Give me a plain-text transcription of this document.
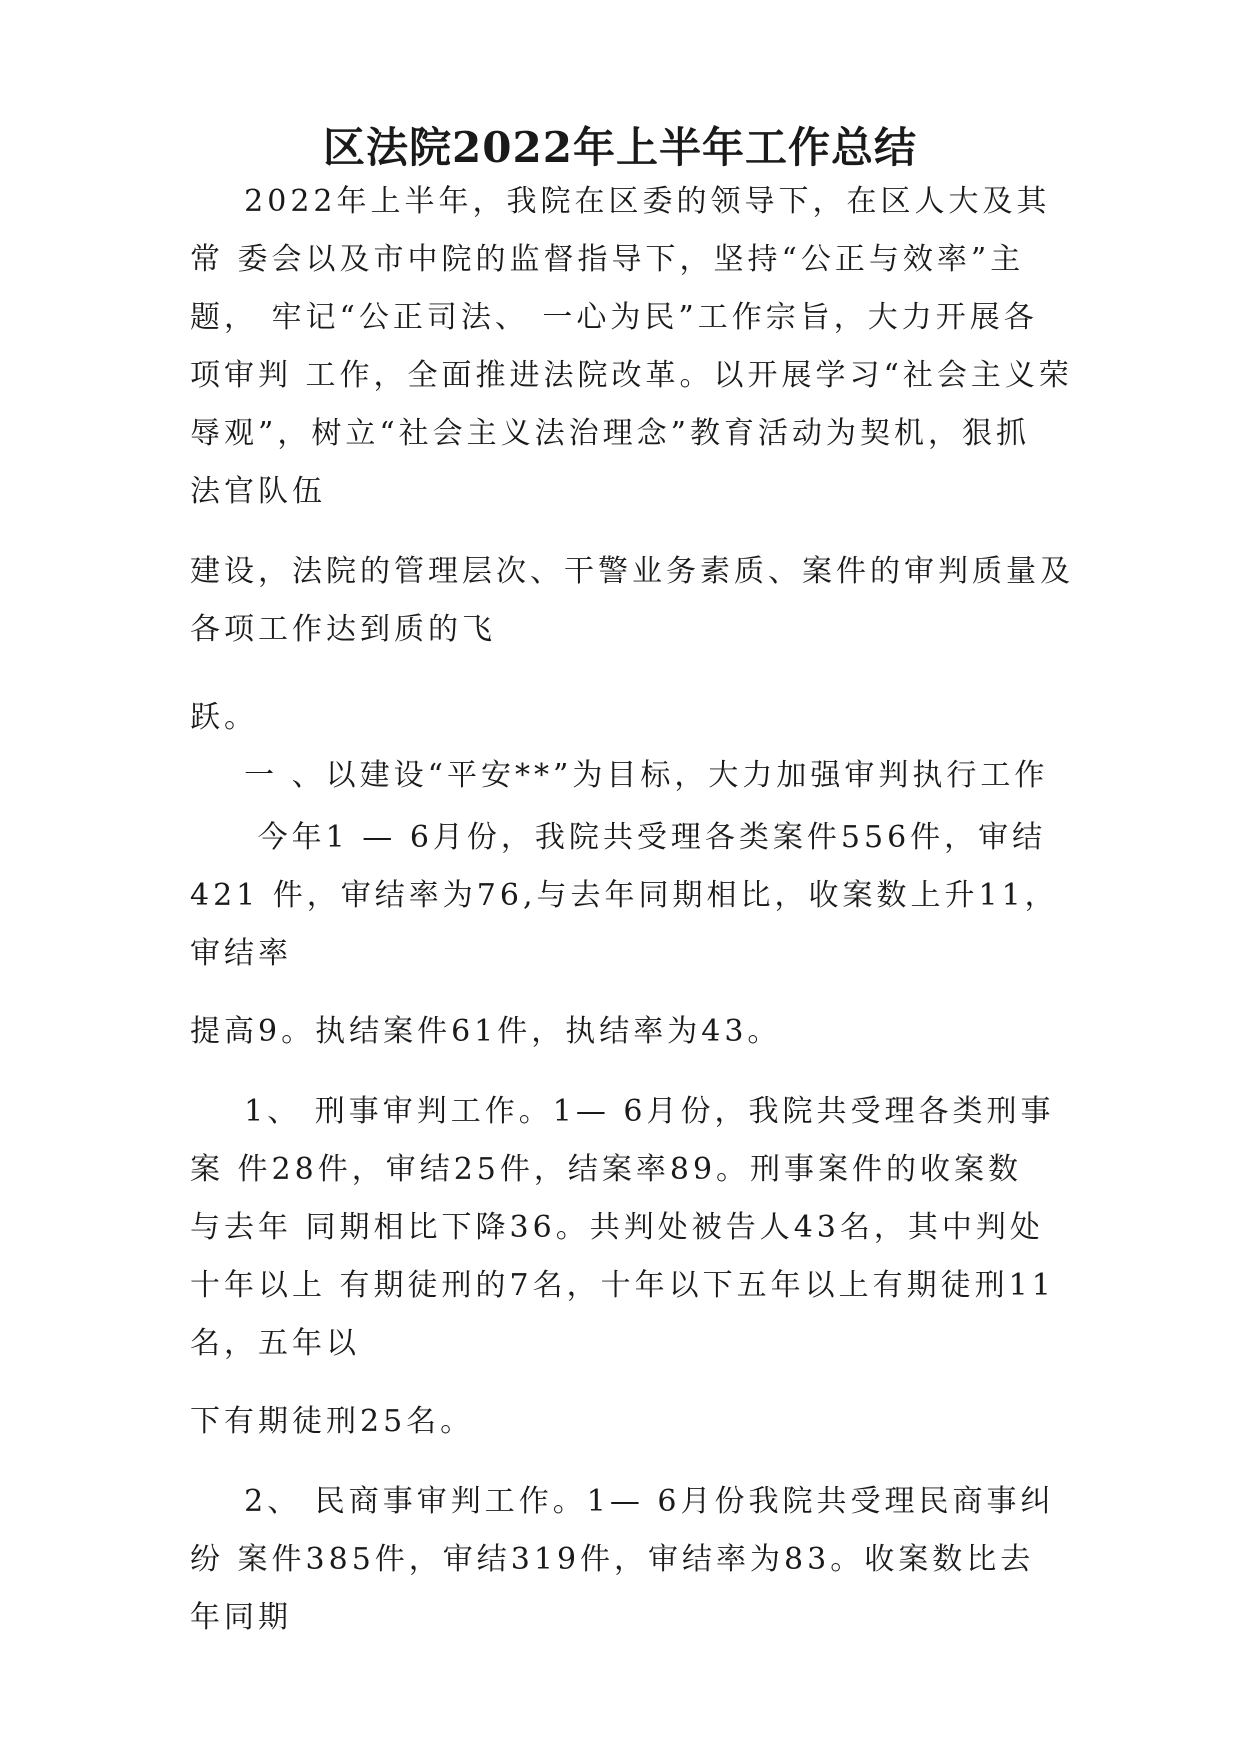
区法院2022年上半年工作总结
2022年上半年，我院在区委的领导下，在区人大及其
常 委会以及市中院的监督指导下，坚持“公正与效率”主
题， 牢记“公正司法、 一心为民”工作宗旨，大力开展各
项审判 工作，全面推进法院改革。以开展学习“社会主义荣
辱观”，树立“社会主义法治理念”教育活动为契机，狠抓
法官队伍
建设，法院的管理层次、干警业务素质、案件的审判质量及
各项工作达到质的飞
跃。
一 、以建设“平安**”为目标，大力加强审判执行工作
今年1 — 6月份，我院共受理各类案件556件，审结
421 件，审结率为76,与去年同期相比，收案数上升11，
审结率
提高9。执结案件61件，执结率为43。
1、 刑事审判工作。1— 6月份，我院共受理各类刑事
案 件28件，审结25件，结案率89。刑事案件的收案数
与去年 同期相比下降36。共判处被告人43名，其中判处
十年以上 有期徒刑的7名，十年以下五年以上有期徒刑11
名，五年以
下有期徒刑25名。
2、 民商事审判工作。1— 6月份我院共受理民商事纠
纷 案件385件，审结319件，审结率为83。收案数比去
年同期
